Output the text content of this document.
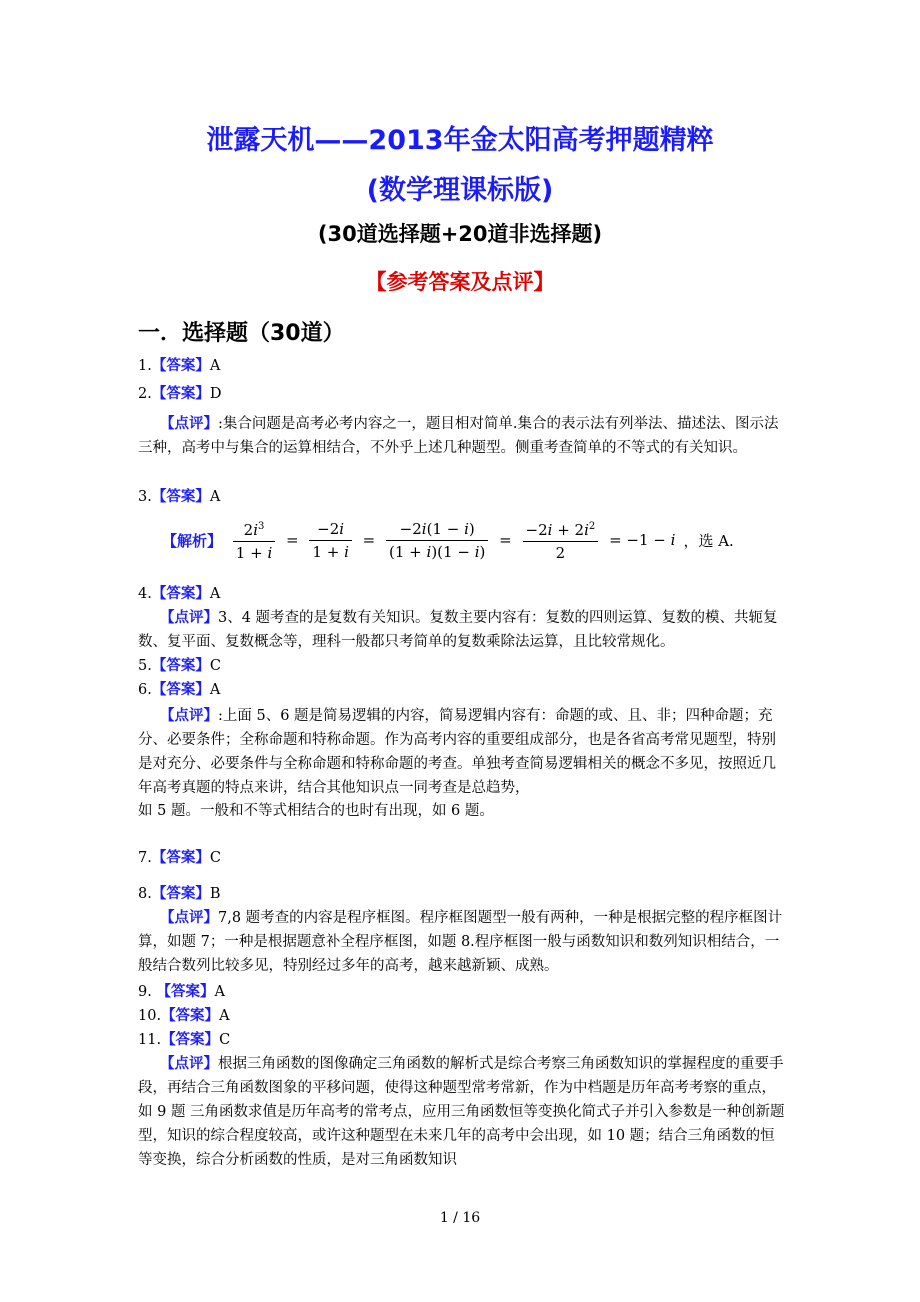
泄露天机——2013年金太阳高考押题精粹
(数学理课标版)
(30道选择题+20道非选择题)
【参考答案及点评】
一．选择题（30道）
1.【答案】A
2.【答案】D
【点评】:集合问题是高考必考内容之一，题目相对简单.集合的表示法有列举法、描述法、图示法三种，高考中与集合的运算相结合，不外乎上述几种题型。侧重考查简单的不等式的有关知识。
3.【答案】A
【解析】 $\frac{2i^3}{1 + i} = \frac{-2i}{1 + i} = \frac{-2i(1 - i)}{(1 + i)(1 - i)} = \frac{-2i + 2i^2}{2} = -1 - i$ ，选 A.
4.【答案】A
【点评】3、4 题考查的是复数有关知识。复数主要内容有：复数的四则运算、复数的模、共轭复数、复平面、复数概念等，理科一般都只考简单的复数乘除法运算，且比较常规化。
5.【答案】C
6.【答案】A
【点评】:上面 5、6 题是简易逻辑的内容，简易逻辑内容有：命题的或、且、非；四种命题；充分、必要条件；全称命题和特称命题。作为高考内容的重要组成部分，也是各省高考常见题型，特别是对充分、必要条件与全称命题和特称命题的考查。单独考查简易逻辑相关的概念不多见，按照近几年高考真题的特点来讲，结合其他知识点一同考查是总趋势，
如 5 题。一般和不等式相结合的也时有出现，如 6 题。
7.【答案】C
8.【答案】B
【点评】7,8 题考查的内容是程序框图。程序框图题型一般有两种，一种是根据完整的程序框图计算，如题 7；一种是根据题意补全程序框图，如题 8.程序框图一般与函数知识和数列知识相结合，一般结合数列比较多见，特别经过多年的高考，越来越新颖、成熟。
9. 【答案】A
10.【答案】A
11.【答案】C
【点评】根据三角函数的图像确定三角函数的解析式是综合考察三角函数知识的掌握程度的重要手段，再结合三角函数图象的平移问题，使得这种题型常考常新，作为中档题是历年高考考察的重点，如 9 题 三角函数求值是历年高考的常考点，应用三角函数恒等变换化简式子并引入参数是一种创新题型，知识的综合程度较高，或许这种题型在未来几年的高考中会出现，如 10 题；结合三角函数的恒等变换，综合分析函数的性质，是对三角函数知识
1 / 16
